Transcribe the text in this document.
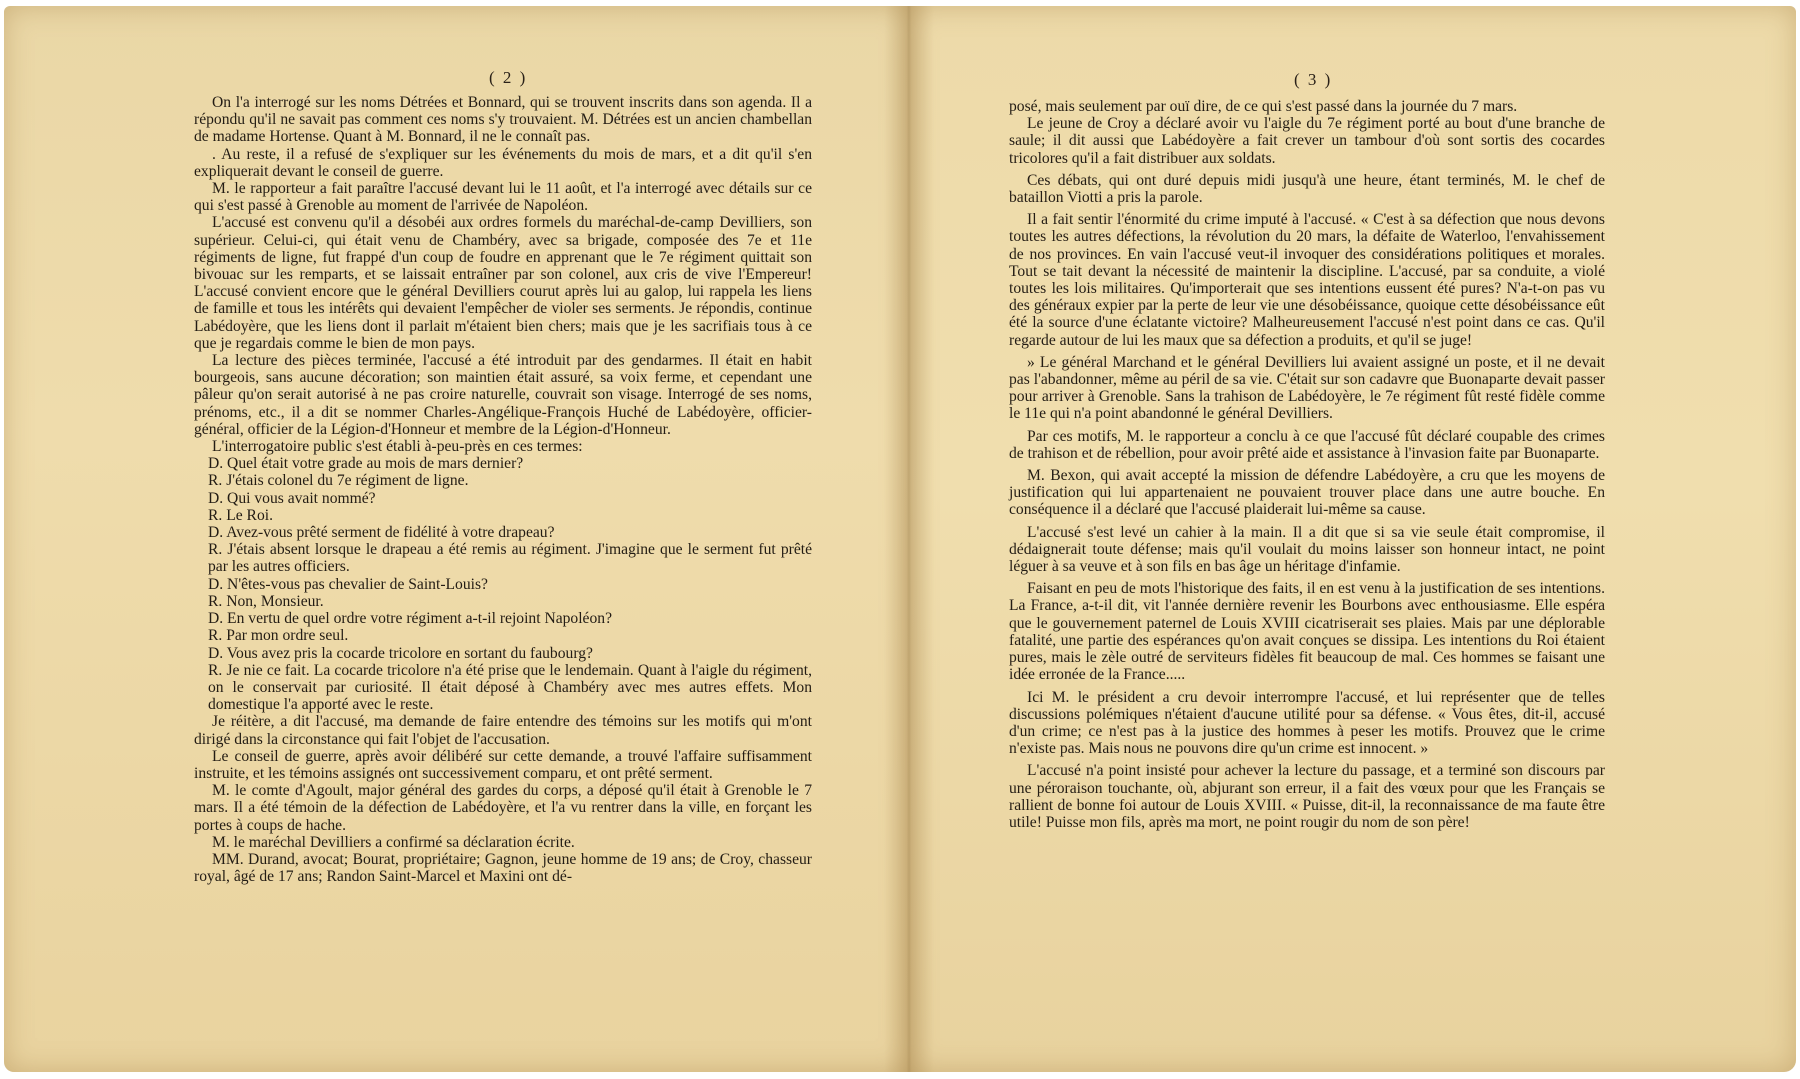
( 2 )	( 3 )

On l'a interrogé sur les noms Détrées et Bonnard, qui se trouvent inscrits dans son agenda. Il a répondu qu'il ne savait pas comment ces noms s'y trouvaient. M. Détrées est un ancien chambellan de madame Hortense. Quant à M. Bonnard, il ne le connaît pas.

. Au reste, il a refusé de s'expliquer sur les événements du mois de mars, et a dit qu'il s'en expliquerait devant le conseil de guerre.

M. le rapporteur a fait paraître l'accusé devant lui le 11 août, et l'a interrogé avec détails sur ce qui s'est passé à Grenoble au moment de l'arrivée de Napoléon.

L'accusé est convenu qu'il a désobéi aux ordres formels du maréchal-de-camp Devilliers, son supérieur. Celui-ci, qui était venu de Chambéry, avec sa brigade, composée des 7e et 11e régiments de ligne, fut frappé d'un coup de foudre en apprenant que le 7e régiment quittait son bivouac sur les remparts, et se laissait entraîner par son colonel, aux cris de vive l'Empereur! L'accusé convient encore que le général Devilliers courut après lui au galop, lui rappela les liens de famille et tous les intérêts qui devaient l'empêcher de violer ses serments. Je répondis, continue Labédoyère, que les liens dont il parlait m'étaient bien chers; mais que je les sacrifiais tous à ce que je regardais comme le bien de mon pays.

La lecture des pièces terminée, l'accusé a été introduit par des gendarmes. Il était en habit bourgeois, sans aucune décoration; son maintien était assuré, sa voix ferme, et cependant une pâleur qu'on serait autorisé à ne pas croire naturelle, couvrait son visage. Interrogé de ses noms, prénoms, etc., il a dit se nommer Charles-Angélique-François Huché de Labédoyère, officier-général, officier de la Légion-d'Honneur et membre de la Légion-d'Honneur.

L'interrogatoire public s'est établi à-peu-près en ces termes:

D. Quel était votre grade au mois de mars dernier?

R. J'étais colonel du 7e régiment de ligne.

D. Qui vous avait nommé?

R. Le Roi.

D. Avez-vous prêté serment de fidélité à votre drapeau?

R. J'étais absent lorsque le drapeau a été remis au régiment. J'imagine que le serment fut prêté par les autres officiers.

D. N'êtes-vous pas chevalier de Saint-Louis?

R. Non, Monsieur.

D. En vertu de quel ordre votre régiment a-t-il rejoint Napoléon?

R. Par mon ordre seul.

D. Vous avez pris la cocarde tricolore en sortant du faubourg?

R. Je nie ce fait. La cocarde tricolore n'a été prise que le lendemain. Quant à l'aigle du régiment, on le conservait par curiosité. Il était déposé à Chambéry avec mes autres effets. Mon domestique l'a apporté avec le reste.

Je réitère, a dit l'accusé, ma demande de faire entendre des témoins sur les motifs qui m'ont dirigé dans la circonstance qui fait l'objet de l'accusation.

Le conseil de guerre, après avoir délibéré sur cette demande, a trouvé l'affaire suffisamment instruite, et les témoins assignés ont successivement comparu, et ont prêté serment.

M. le comte d'Agoult, major général des gardes du corps, a déposé qu'il était à Grenoble le 7 mars. Il a été témoin de la défection de Labédoyère, et l'a vu rentrer dans la ville, en forçant les portes à coups de hache.

M. le maréchal Devilliers a confirmé sa déclaration écrite.

MM. Durand, avocat; Bourat, propriétaire; Gagnon, jeune homme de 19 ans; de Croy, chasseur royal, âgé de 17 ans; Randon Saint-Marcel et Maxini ont dé-

posé, mais seulement par ouï dire, de ce qui s'est passé dans la journée du 7 mars.

Le jeune de Croy a déclaré avoir vu l'aigle du 7e régiment porté au bout d'une branche de saule; il dit aussi que Labédoyère a fait crever un tambour d'où sont sortis des cocardes tricolores qu'il a fait distribuer aux soldats.

Ces débats, qui ont duré depuis midi jusqu'à une heure, étant terminés, M. le chef de bataillon Viotti a pris la parole.

Il a fait sentir l'énormité du crime imputé à l'accusé. « C'est à sa défection que nous devons toutes les autres défections, la révolution du 20 mars, la défaite de Waterloo, l'envahissement de nos provinces. En vain l'accusé veut-il invoquer des considérations politiques et morales. Tout se tait devant la nécessité de maintenir la discipline. L'accusé, par sa conduite, a violé toutes les lois militaires. Qu'importerait que ses intentions eussent été pures? N'a-t-on pas vu des généraux expier par la perte de leur vie une désobéissance, quoique cette désobéissance eût été la source d'une éclatante victoire? Malheureusement l'accusé n'est point dans ce cas. Qu'il regarde autour de lui les maux que sa défection a produits, et qu'il se juge!

» Le général Marchand et le général Devilliers lui avaient assigné un poste, et il ne devait pas l'abandonner, même au péril de sa vie. C'était sur son cadavre que Buonaparte devait passer pour arriver à Grenoble. Sans la trahison de Labédoyère, le 7e régiment fût resté fidèle comme le 11e qui n'a point abandonné le général Devilliers.

Par ces motifs, M. le rapporteur a conclu à ce que l'accusé fût déclaré coupable des crimes de trahison et de rébellion, pour avoir prêté aide et assistance à l'invasion faite par Buonaparte.

M. Bexon, qui avait accepté la mission de défendre Labédoyère, a cru que les moyens de justification qui lui appartenaient ne pouvaient trouver place dans une autre bouche. En conséquence il a déclaré que l'accusé plaiderait lui-même sa cause.

L'accusé s'est levé un cahier à la main. Il a dit que si sa vie seule était compromise, il dédaignerait toute défense; mais qu'il voulait du moins laisser son honneur intact, ne point léguer à sa veuve et à son fils en bas âge un héritage d'infamie.

Faisant en peu de mots l'historique des faits, il en est venu à la justification de ses intentions. La France, a-t-il dit, vit l'année dernière revenir les Bourbons avec enthousiasme. Elle espéra que le gouvernement paternel de Louis XVIII cicatriserait ses plaies. Mais par une déplorable fatalité, une partie des espérances qu'on avait conçues se dissipa. Les intentions du Roi étaient pures, mais le zèle outré de serviteurs fidèles fit beaucoup de mal. Ces hommes se faisant une idée erronée de la France.....

Ici M. le président a cru devoir interrompre l'accusé, et lui représenter que de telles discussions polémiques n'étaient d'aucune utilité pour sa défense. « Vous êtes, dit-il, accusé d'un crime; ce n'est pas à la justice des hommes à peser les motifs. Prouvez que le crime n'existe pas. Mais nous ne pouvons dire qu'un crime est innocent. »

L'accusé n'a point insisté pour achever la lecture du passage, et a terminé son discours par une péroraison touchante, où, abjurant son erreur, il a fait des vœux pour que les Français se rallient de bonne foi autour de Louis XVIII. « Puisse, dit-il, la reconnaissance de ma faute être utile! Puisse mon fils, après ma mort, ne point rougir du nom de son père!
